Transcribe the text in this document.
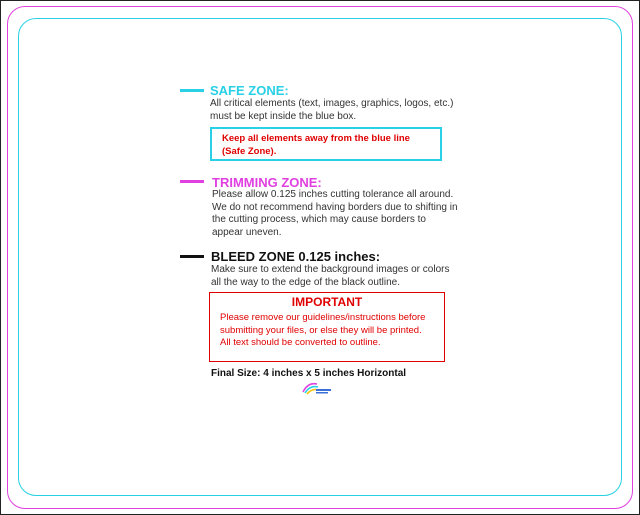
SAFE ZONE:
All critical elements (text, images, graphics, logos, etc.)
must be kept inside the blue box.
Keep all elements away from the blue line
(Safe Zone).
TRIMMING ZONE:
Please allow 0.125 inches cutting tolerance all around.
We do not recommend having borders due to shifting in
the cutting process, which may cause borders to
appear uneven.
BLEED ZONE 0.125 inches:
Make sure to extend the background images or colors
all the way to the edge of the black outline.
IMPORTANT
Please remove our guidelines/instructions before
submitting your files, or else they will be printed.
All text should be converted to outline.
Final Size: 4 inches x 5 inches Horizontal
